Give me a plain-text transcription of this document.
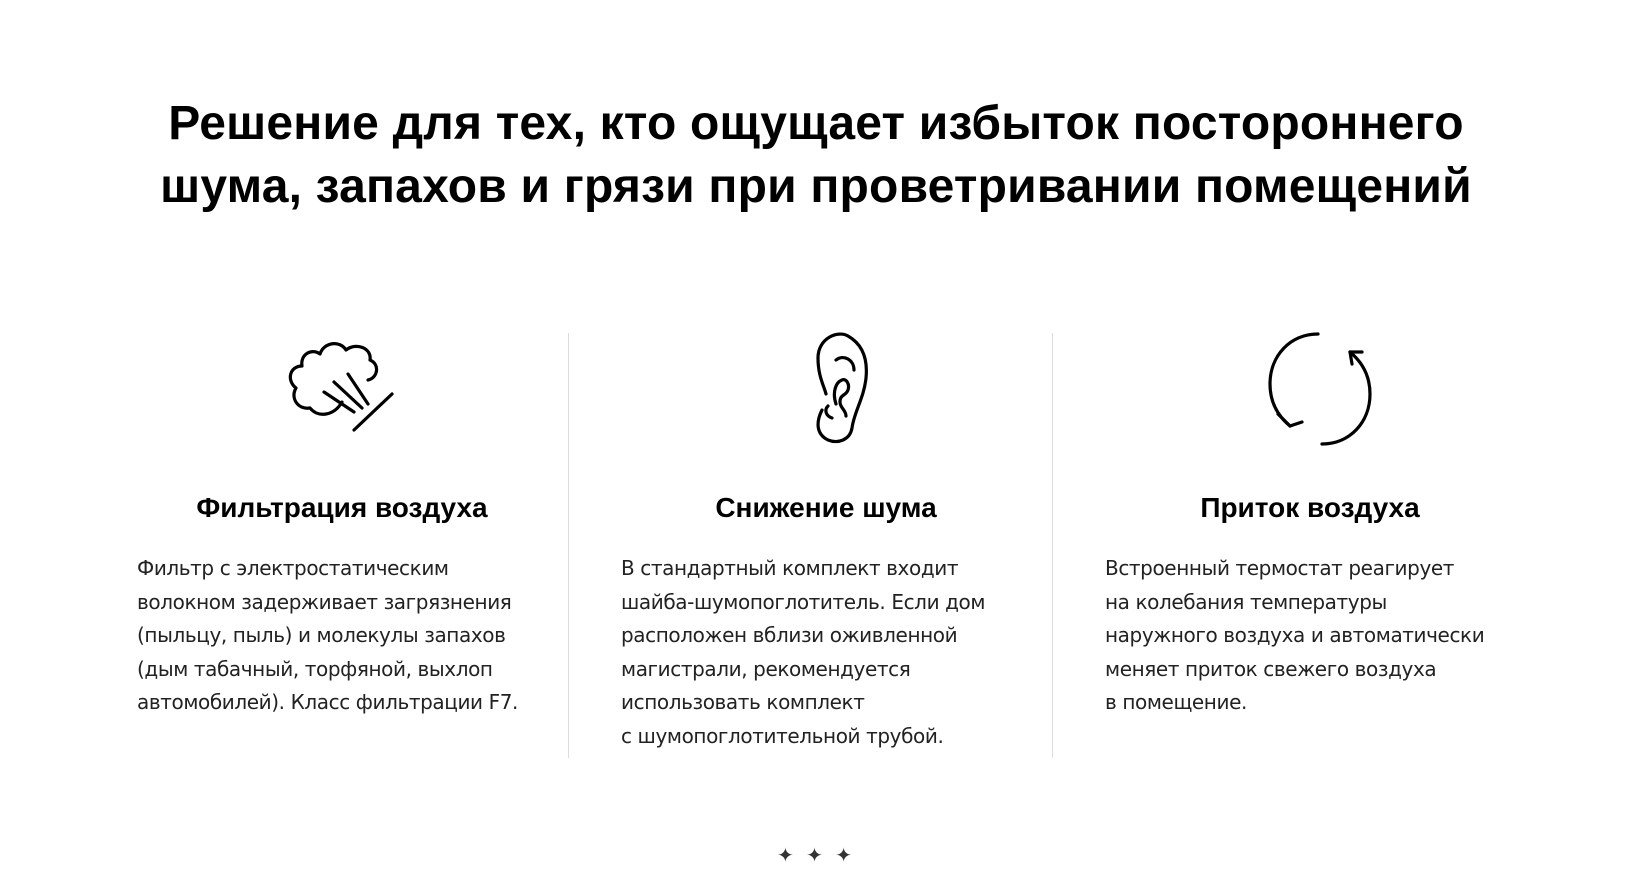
Решение для тех, кто ощущает избыток постороннего
шума, запахов и грязи при проветривании помещений
Фильтрация воздуха

Фильтр с электростатическим
волокном задерживает загрязнения
(пыльцу, пыль) и молекулы запахов
(дым табачный, торфяной, выхлоп
автомобилей). Класс фильтрации F7.

Снижение шума

В стандартный комплект входит
шайба-шумопоглотитель. Если дом
расположен вблизи оживленной
магистрали, рекомендуется
использовать комплект
с шумопоглотительной трубой.

Приток воздуха

Встроенный термостат реагирует
на колебания температуры
наружного воздуха и автоматически
меняет приток свежего воздуха
в помещение.

✦ ✦ ✦
